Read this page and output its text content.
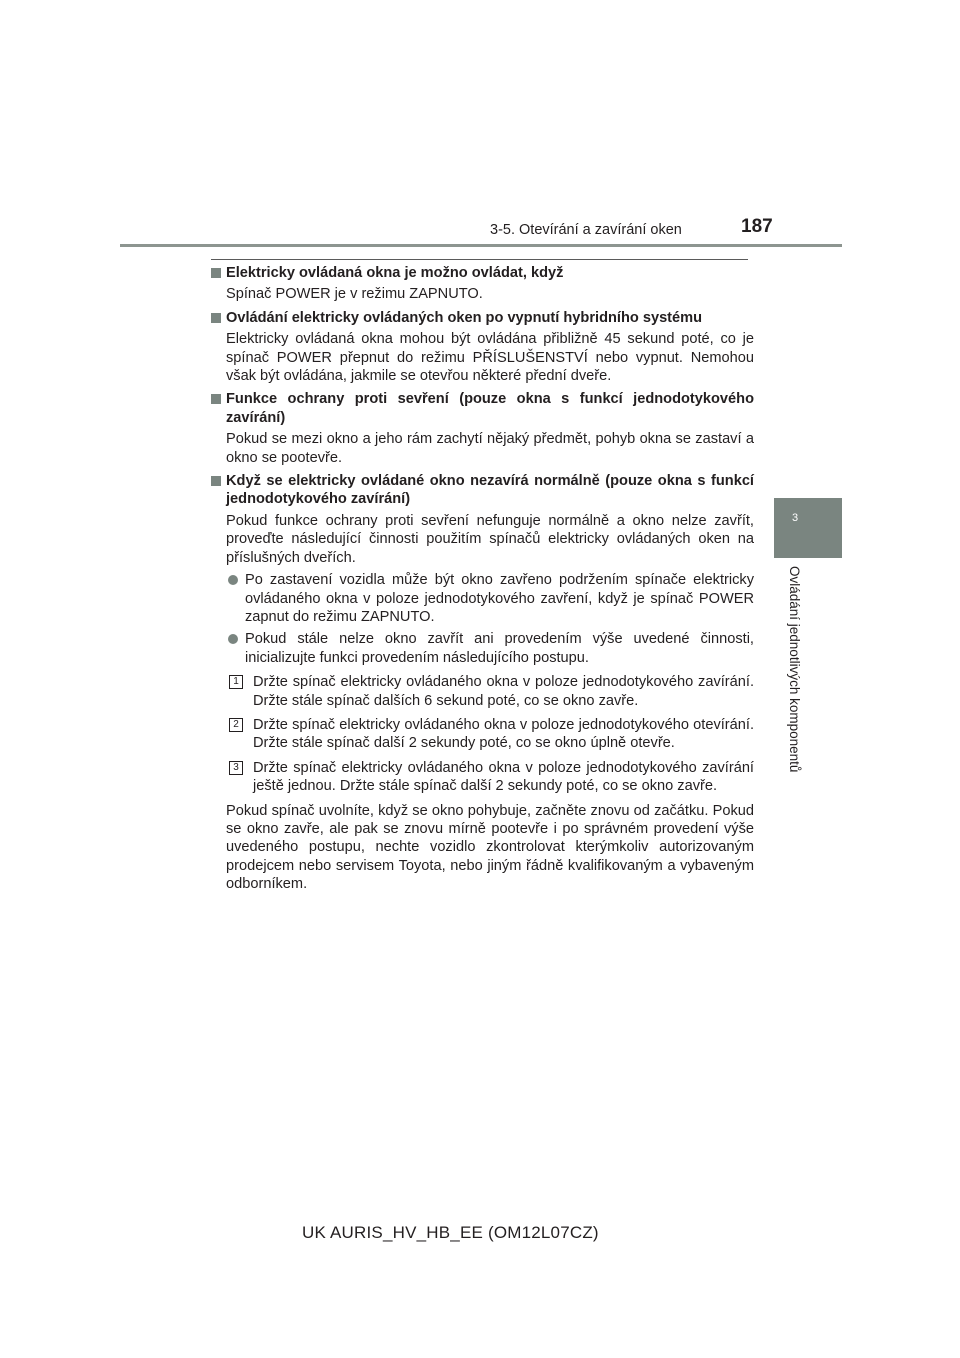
3-5. Otevírání a zavírání oken	187
3
Ovládání jednotlivých komponentů
Elektricky ovládaná okna je možno ovládat, když
Spínač POWER je v režimu ZAPNUTO.
Ovládání elektricky ovládaných oken po vypnutí hybridního systému
Elektricky ovládaná okna mohou být ovládána přibližně 45 sekund poté, co je spínač POWER přepnut do režimu PŘÍSLUŠENSTVÍ nebo vypnut. Nemohou však být ovládána, jakmile se otevřou některé přední dveře.
Funkce ochrany proti sevření (pouze okna s funkcí jednodotykového zavírání)
Pokud se mezi okno a jeho rám zachytí nějaký předmět, pohyb okna se zastaví a okno se pootevře.
Když se elektricky ovládané okno nezavírá normálně (pouze okna s funkcí jednodotykového zavírání)
Pokud funkce ochrany proti sevření nefunguje normálně a okno nelze zavřít, proveďte následující činnosti použitím spínačů elektricky ovládaných oken na příslušných dveřích.
Po zastavení vozidla může být okno zavřeno podržením spínače elektricky ovládaného okna v poloze jednodotykového zavření, když je spínač POWER zapnut do režimu ZAPNUTO.
Pokud stále nelze okno zavřít ani provedením výše uvedené činnosti, inicializujte funkci provedením následujícího postupu.
1 Držte spínač elektricky ovládaného okna v poloze jednodotykového zavírání. Držte stále spínač dalších 6 sekund poté, co se okno zavře.
2 Držte spínač elektricky ovládaného okna v poloze jednodotykového otevírání. Držte stále spínač další 2 sekundy poté, co se okno úplně otevře.
3 Držte spínač elektricky ovládaného okna v poloze jednodotykového zavírání ještě jednou. Držte stále spínač další 2 sekundy poté, co se okno zavře.
Pokud spínač uvolníte, když se okno pohybuje, začněte znovu od začátku. Pokud se okno zavře, ale pak se znovu mírně pootevře i po správném provedení výše uvedeného postupu, nechte vozidlo zkontrolovat kterýmkoliv autorizovaným prodejcem nebo servisem Toyota, nebo jiným řádně kvalifikovaným a vybaveným odborníkem.
UK AURIS_HV_HB_EE (OM12L07CZ)
